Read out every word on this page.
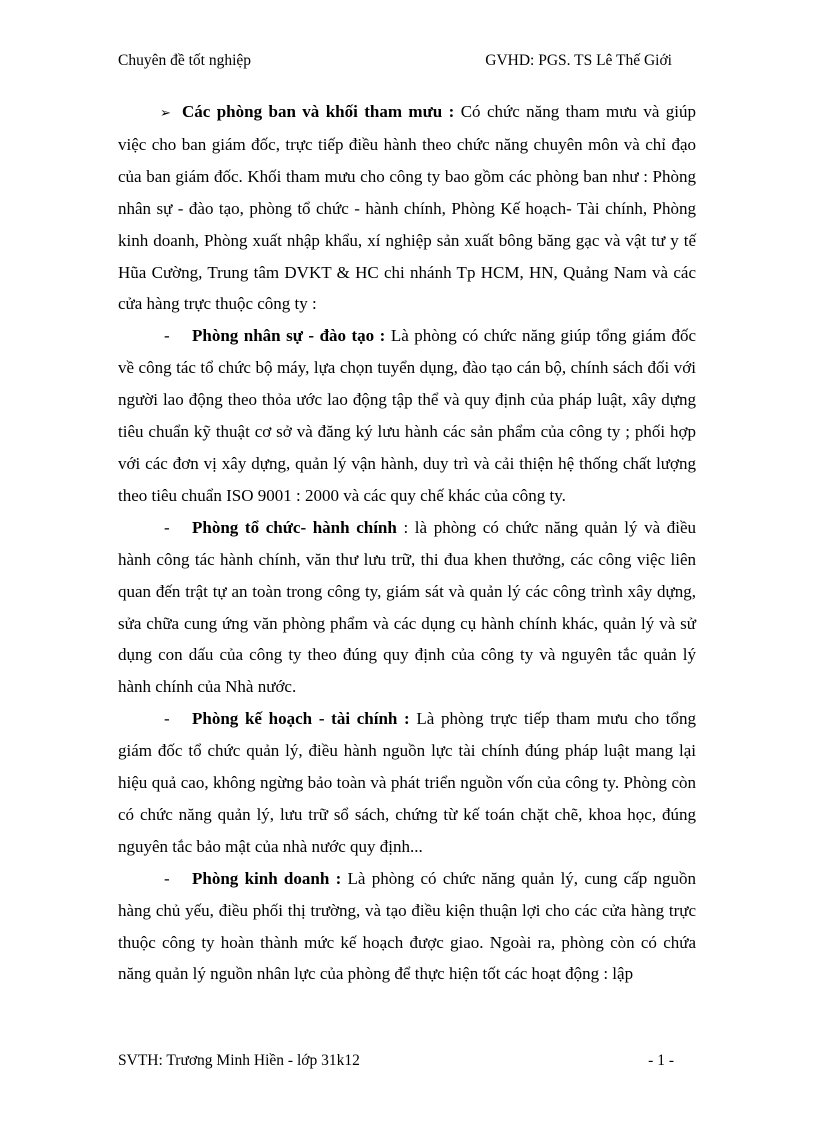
Chuyên đề tốt nghiệp	GVHD: PGS. TS Lê Thế Giới

➢ Các phòng ban và khối tham mưu : Có chức năng tham mưu và giúp việc cho ban giám đốc, trực tiếp điều hành theo chức năng chuyên môn và chỉ đạo của ban giám đốc. Khối tham mưu cho công ty bao gồm các phòng ban như : Phòng nhân sự - đào tạo, phòng tổ chức - hành chính, Phòng Kế hoạch- Tài chính, Phòng kinh doanh, Phòng xuất nhập khẩu, xí nghiệp sản xuất bông băng gạc và vật tư y tế Hũa Cường, Trung tâm DVKT & HC chi nhánh Tp HCM, HN, Quảng Nam và các cửa hàng trực thuộc công ty :

- Phòng nhân sự - đào tạo : Là phòng có chức năng giúp tổng giám đốc về công tác tổ chức bộ máy, lựa chọn tuyển dụng, đào tạo cán bộ, chính sách đối với người lao động theo thỏa ước lao động tập thể và quy định của pháp luật, xây dựng tiêu chuẩn kỹ thuật cơ sở và đăng ký lưu hành các sản phẩm của công ty ; phối hợp với các đơn vị xây dựng, quản lý vận hành, duy trì và cải thiện hệ thống chất lượng theo tiêu chuẩn ISO 9001 : 2000 và các quy chế khác của công ty.

- Phòng tổ chức- hành chính : là phòng có chức năng quản lý và điều hành công tác hành chính, văn thư lưu trữ, thi đua khen thưởng, các công việc liên quan đến trật tự an toàn trong công ty, giám sát và quản lý các công trình xây dựng, sửa chữa cung ứng văn phòng phẩm và các dụng cụ hành chính khác, quản lý và sử dụng con dấu của công ty theo đúng quy định của công ty và nguyên tắc quản lý hành chính của Nhà nước.

- Phòng kế hoạch - tài chính : Là phòng trực tiếp tham mưu cho tổng giám đốc tổ chức quản lý, điều hành nguồn lực tài chính đúng pháp luật mang lại hiệu quả cao, không ngừng bảo toàn và phát triển nguồn vốn của công ty. Phòng còn có chức năng quản lý, lưu trữ sổ sách, chứng từ kế toán chặt chẽ, khoa học, đúng nguyên tắc bảo mật của nhà nước quy định...

- Phòng kinh doanh : Là phòng có chức năng quản lý, cung cấp nguồn hàng chủ yếu, điều phối thị trường, và tạo điều kiện thuận lợi cho các cửa hàng trực thuộc công ty hoàn thành mức kế hoạch được giao. Ngoài ra, phòng còn có chứa năng quản lý nguồn nhân lực của phòng để thực hiện tốt các hoạt động : lập

SVTH: Trương Minh Hiền - lớp 31k12	- 1 -
